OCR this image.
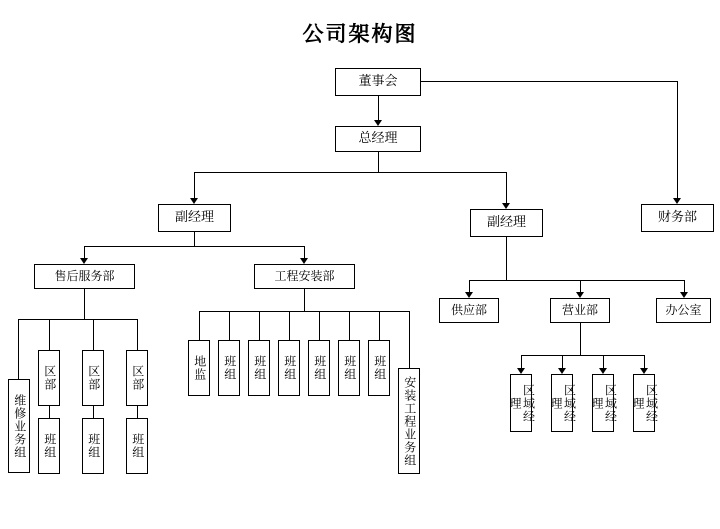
公司架构图
董事会
总经理
副经理	副经理	财务部
售后服务部	工程安装部
供应部	营业部	办公室
区部	区部	区部
维修业务组	班组	班组	班组
地监	班组	班组	班组	班组	班组	班组
安装工程业务组	区域经理	区域经理	区域经理	区域经理
